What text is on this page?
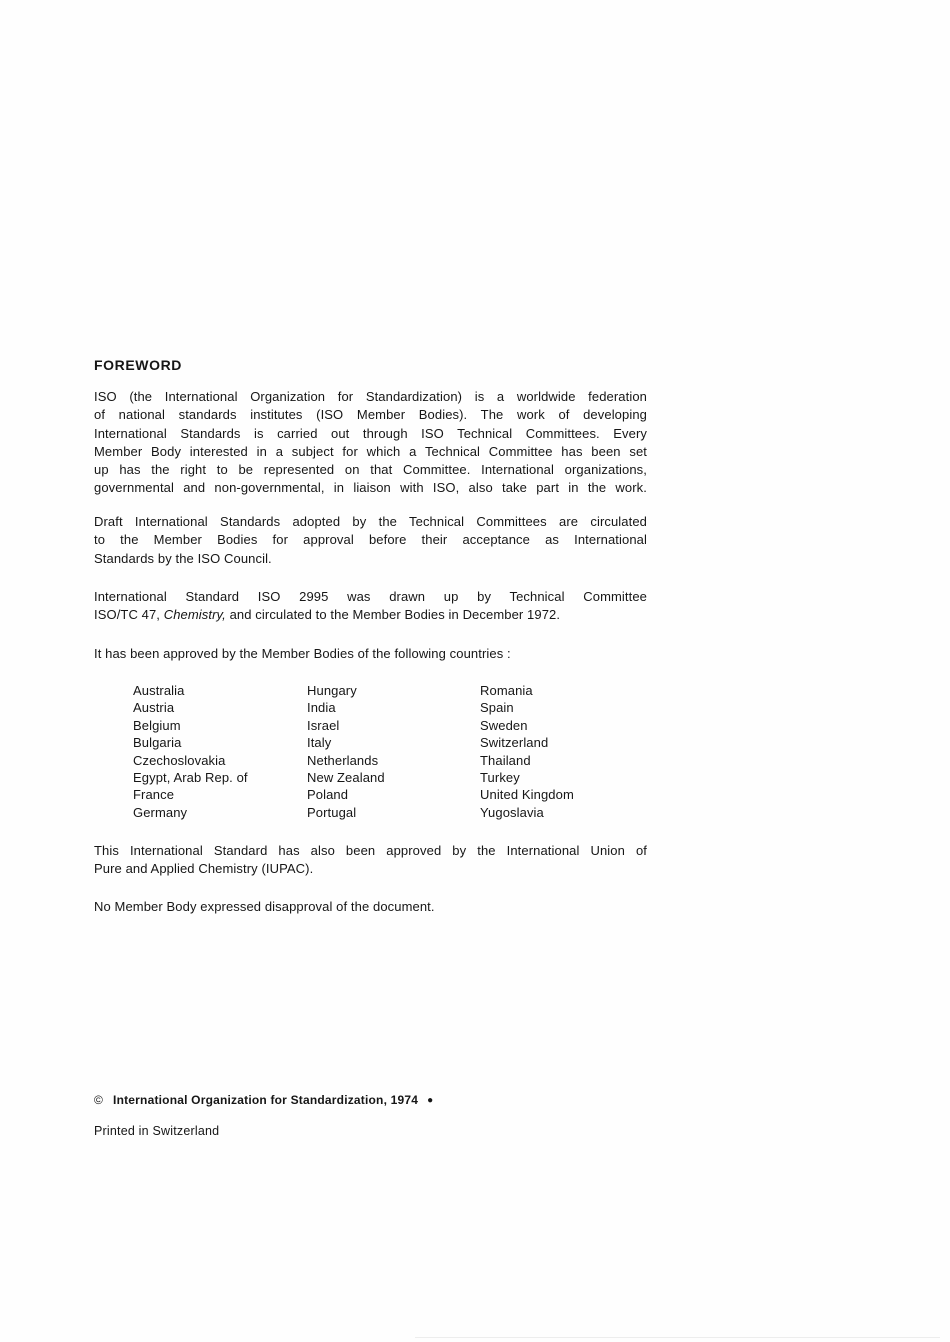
FOREWORD
ISO (the International Organization for Standardization) is a worldwide federation
of national standards institutes (ISO Member Bodies). The work of developing
International Standards is carried out through ISO Technical Committees. Every
Member Body interested in a subject for which a Technical Committee has been set
up has the right to be represented on that Committee. International organizations,
governmental and non-governmental, in liaison with ISO, also take part in the work.
Draft International Standards adopted by the Technical Committees are circulated
to the Member Bodies for approval before their acceptance as International
Standards by the ISO Council.
International Standard ISO 2995 was drawn up by Technical Committee
ISO/TC 47, Chemistry, and circulated to the Member Bodies in December 1972.
It has been approved by the Member Bodies of the following countries :
Australia
Austria
Belgium
Bulgaria
Czechoslovakia
Egypt, Arab Rep. of
France
Germany
Hungary
India
Israel
Italy
Netherlands
New Zealand
Poland
Portugal
Romania
Spain
Sweden
Switzerland
Thailand
Turkey
United Kingdom
Yugoslavia
This International Standard has also been approved by the International Union of
Pure and Applied Chemistry (IUPAC).
No Member Body expressed disapproval of the document.
© International Organization for Standardization, 1974 ●
Printed in Switzerland
